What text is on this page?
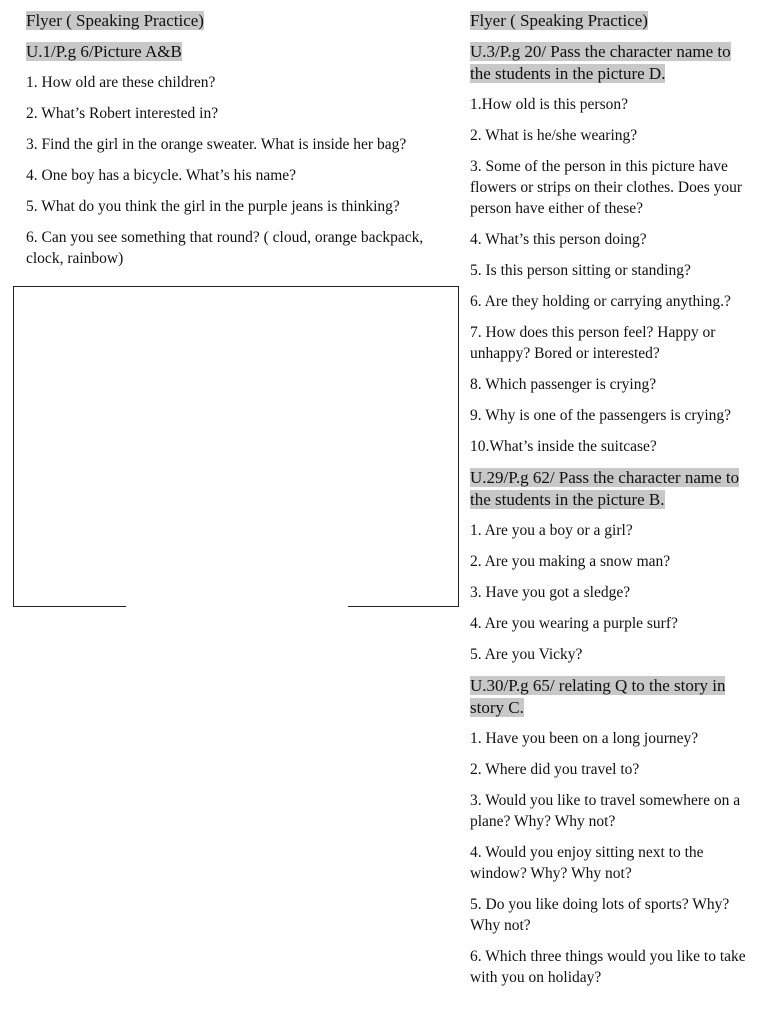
Flyer ( Speaking Practice)

U.1/P.g 6/Picture A&B

1. How old are these children?

2. What’s Robert interested in?

3. Find the girl in the orange sweater. What is inside her bag?

4. One boy has a bicycle. What’s his name?

5. What do you think the girl in the purple jeans is thinking?

6. Can you see something that round? ( cloud, orange backpack, clock, rainbow)

Flyer ( Speaking Practice)

U.3/P.g 20/ Pass the character name to the students in the picture D.

1.How old is this person?

2. What is he/she wearing?

3. Some of the person in this picture have flowers or strips on their clothes. Does your person have either of these?

4. What’s this person doing?

5. Is this person sitting or standing?

6. Are they holding or carrying anything.?

7. How does this person feel? Happy or unhappy? Bored or interested?

8. Which passenger is crying?

9. Why is one of the passengers is crying?

10.What’s inside the suitcase?

U.29/P.g 62/ Pass the character name to the students in the picture B.

1. Are you a boy or a girl?

2. Are you making a snow man?

3. Have you got a sledge?

4. Are you wearing a purple surf?

5. Are you Vicky?

U.30/P.g 65/ relating Q to the story in story C.

1. Have you been on a long journey?

2. Where did you travel to?

3. Would you like to travel somewhere on a plane? Why? Why not?

4. Would you enjoy sitting next to the window? Why? Why not?

5. Do you like doing lots of sports? Why? Why not?

6. Which three things would you like to take with you on holiday?
